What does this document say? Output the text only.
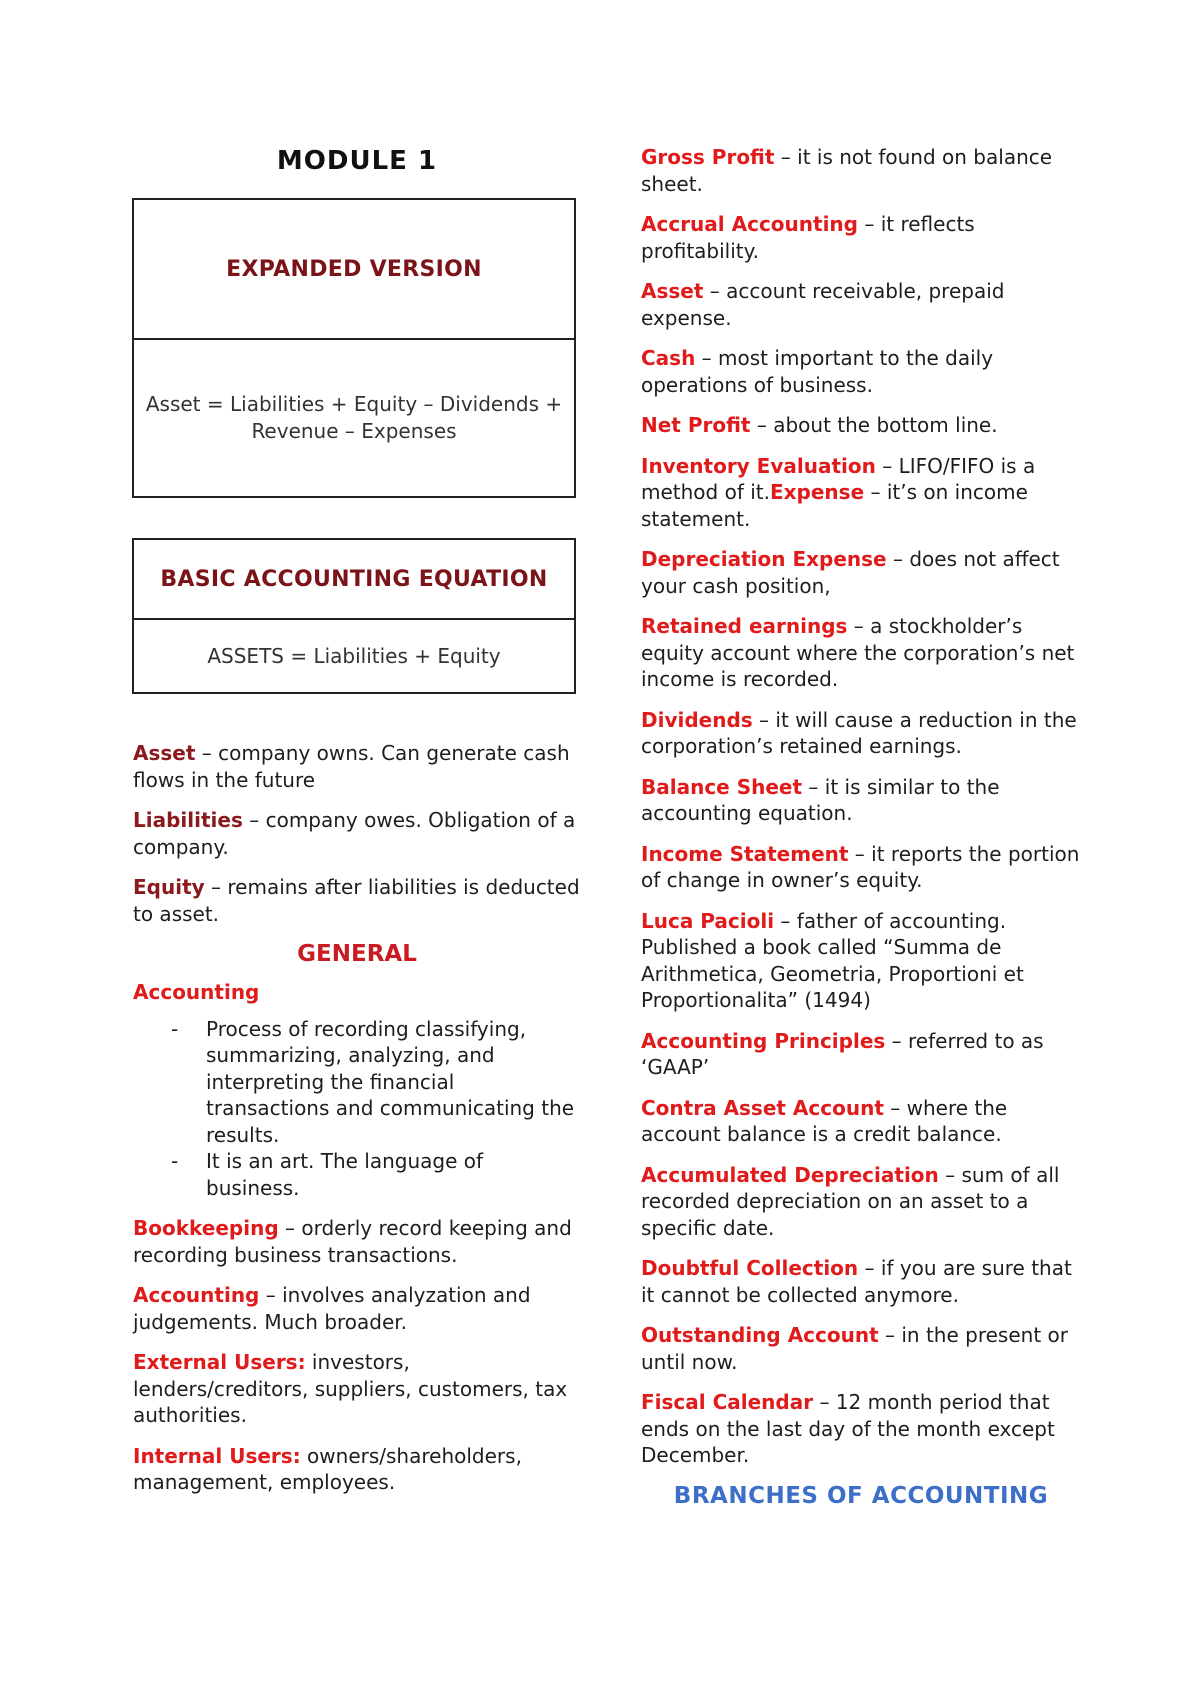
MODULE 1
EXPANDED VERSION
Asset = Liabilities + Equity – Dividends + Revenue – Expenses
BASIC ACCOUNTING EQUATION
ASSETS = Liabilities + Equity

Asset – company owns. Can generate cash flows in the future

Liabilities – company owes. Obligation of a company.

Equity – remains after liabilities is deducted to asset.

GENERAL

Accounting

- Process of recording classifying, summarizing, analyzing, and interpreting the financial transactions and communicating the results.
- It is an art. The language of business.

Bookkeeping – orderly record keeping and recording business transactions.

Accounting – involves analyzation and judgements. Much broader.

External Users: investors, lenders/creditors, suppliers, customers, tax authorities.

Internal Users: owners/shareholders, management, employees.

Gross Profit – it is not found on balance sheet.

Accrual Accounting – it reflects profitability.

Asset – account receivable, prepaid expense.

Cash – most important to the daily operations of business.

Net Profit – about the bottom line.

Inventory Evaluation – LIFO/FIFO is a method of it.Expense – it’s on income statement.

Depreciation Expense – does not affect your cash position,

Retained earnings – a stockholder’s equity account where the corporation’s net income is recorded.

Dividends – it will cause a reduction in the corporation’s retained earnings.

Balance Sheet – it is similar to the accounting equation.

Income Statement – it reports the portion of change in owner’s equity.

Luca Pacioli – father of accounting. Published a book called “Summa de Arithmetica, Geometria, Proportioni et Proportionalita” (1494)

Accounting Principles – referred to as ‘GAAP’

Contra Asset Account – where the account balance is a credit balance.

Accumulated Depreciation – sum of all recorded depreciation on an asset to a specific date.

Doubtful Collection – if you are sure that it cannot be collected anymore.

Outstanding Account – in the present or until now.

Fiscal Calendar – 12 month period that ends on the last day of the month except December.

BRANCHES OF ACCOUNTING
